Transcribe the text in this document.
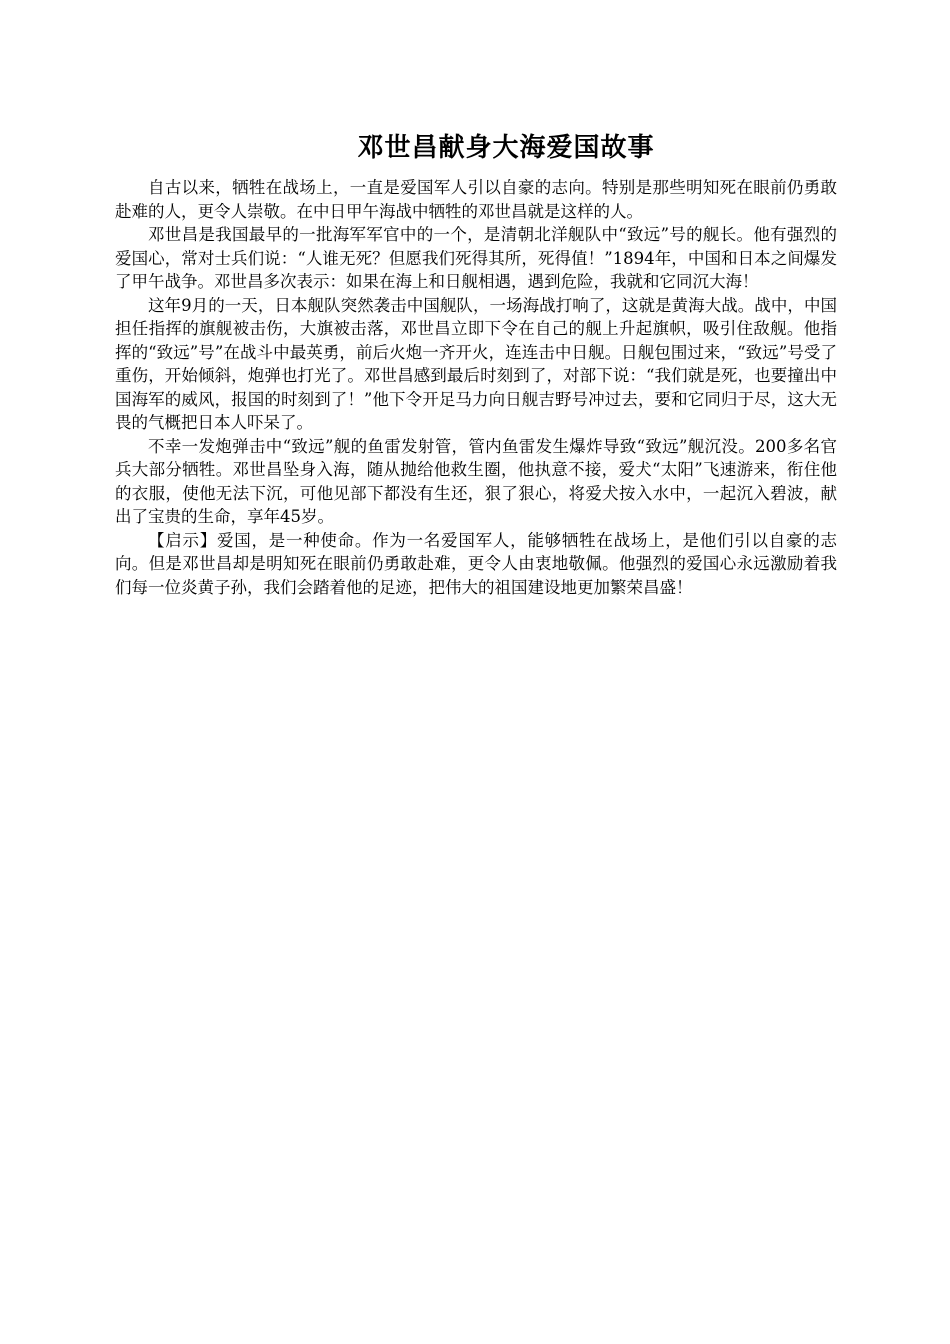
邓世昌献身大海爱国故事

自古以来，牺牲在战场上，一直是爱国军人引以自豪的志向。特别是那些明知死在眼前仍勇敢赴难的人，更令人崇敬。在中日甲午海战中牺牲的邓世昌就是这样的人。

邓世昌是我国最早的一批海军军官中的一个，是清朝北洋舰队中“致远”号的舰长。他有强烈的爱国心，常对士兵们说：“人谁无死？但愿我们死得其所，死得值！”1894年，中国和日本之间爆发了甲午战争。邓世昌多次表示：如果在海上和日舰相遇，遇到危险，我就和它同沉大海！

这年9月的一天，日本舰队突然袭击中国舰队，一场海战打响了，这就是黄海大战。战中，中国担任指挥的旗舰被击伤，大旗被击落，邓世昌立即下令在自己的舰上升起旗帜，吸引住敌舰。他指挥的“致远”号”在战斗中最英勇，前后火炮一齐开火，连连击中日舰。日舰包围过来，“致远”号受了重伤，开始倾斜，炮弹也打光了。邓世昌感到最后时刻到了，对部下说：“我们就是死，也要撞出中国海军的威风，报国的时刻到了！”他下令开足马力向日舰吉野号冲过去，要和它同归于尽，这大无畏的气概把日本人吓呆了。

不幸一发炮弹击中“致远”舰的鱼雷发射管，管内鱼雷发生爆炸导致“致远”舰沉没。200多名官兵大部分牺牲。邓世昌坠身入海，随从抛给他救生圈，他执意不接，爱犬“太阳”飞速游来，衔住他的衣服，使他无法下沉，可他见部下都没有生还，狠了狠心，将爱犬按入水中，一起沉入碧波，献出了宝贵的生命，享年45岁。

【启示】爱国，是一种使命。作为一名爱国军人，能够牺牲在战场上，是他们引以自豪的志向。但是邓世昌却是明知死在眼前仍勇敢赴难，更令人由衷地敬佩。他强烈的爱国心永远激励着我们每一位炎黄子孙，我们会踏着他的足迹，把伟大的祖国建设地更加繁荣昌盛！
